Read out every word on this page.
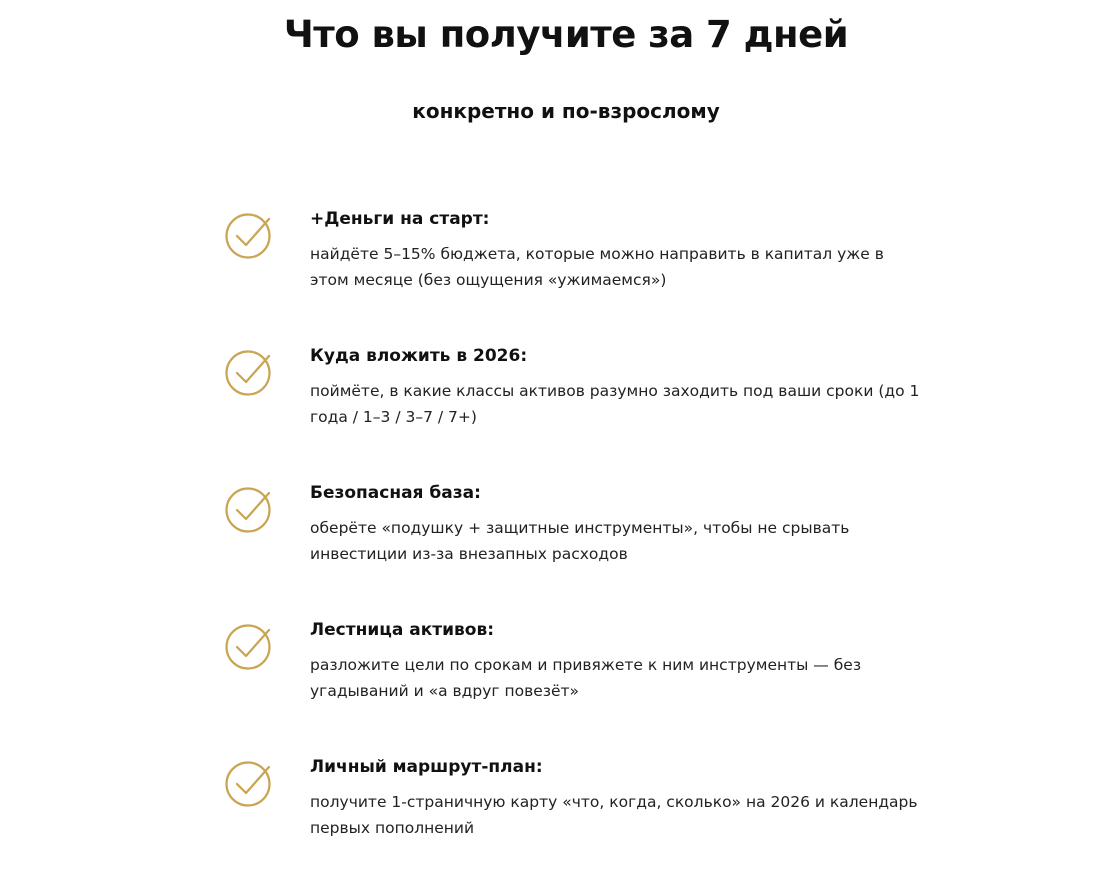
Что вы получите за 7 дней
конкретно и по-взрослому

+Деньги на старт:

найдёте 5–15% бюджета, которые можно направить в капитал уже в этом месяце (без ощущения «ужимаемся»)

Куда вложить в 2026:

поймёте, в какие классы активов разумно заходить под ваши сроки (до 1 года / 1–3 / 3–7 / 7+)

Безопасная база:

оберёте «подушку + защитные инструменты», чтобы не срывать инвестиции из-за внезапных расходов

Лестница активов:

разложите цели по срокам и привяжете к ним инструменты — без угадываний и «а вдруг повезёт»

Личный маршрут-план:

получите 1-страничную карту «что, когда, сколько» на 2026 и календарь первых пополнений
